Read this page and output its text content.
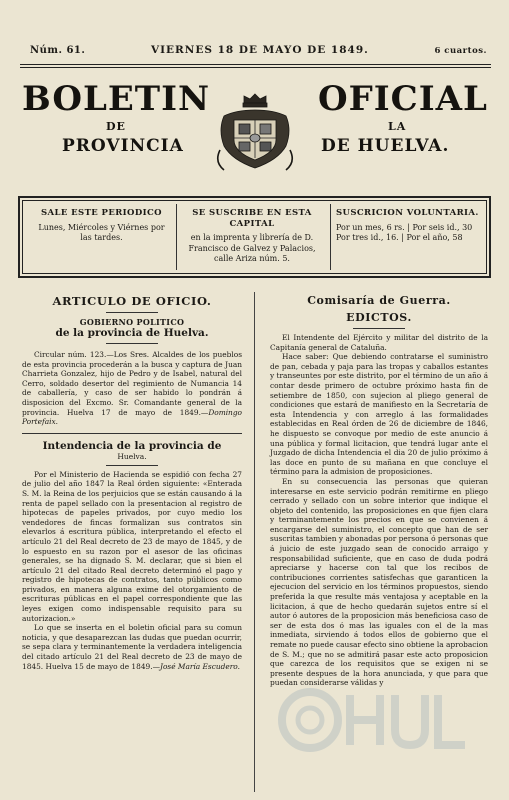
Núm. 61.	VIERNES 18 DE MAYO DE 1849.	6 cuartos.
BOLETIN
DE
PROVINCIA
OFICIAL
LA
DE HUELVA.
SALE ESTE PERIODICO
Lunes, Miércoles y Viérnes por las tardes.
SE SUSCRIBE EN ESTA CAPITAL
en la imprenta y librería de D. Francisco de Galvez y Palacios, calle Ariza núm. 5.
SUSCRICION VOLUNTARIA.
Por un mes, 6 rs. | Por seis id., 30
Por tres id., 16. | Por el año, 58
ARTICULO DE OFICIO.
GOBIERNO POLITICO
de la provincia de Huelva.

Circular núm. 123.—Los Sres. Alcaldes de los pueblos de esta provincia procederán a la busca y captura de Juan Charrieta Gonzalez, hijo de Pedro y de Isabel, natural del Cerro, soldado desertor del regimiento de Numancia 14 de caballería, y caso de ser habido lo pondrán á disposicion del Excmo. Sr. Comandante general de la provincia. Huelva 17 de mayo de 1849.—Domingo Portefaix.

Intendencia de la provincia de
Huelva.

Por el Ministerio de Hacienda se espidió con fecha 27 de julio del año 1847 la Real órden siguiente: «Enterada S. M. la Reina de los perjuicios que se están causando á la renta de papel sellado con la presentacion al registro de hipotecas de papeles privados, por cuyo medio los vendedores de fincas formalizan sus contratos sin elevarlos á escritura pública, interpretando el efecto el artículo 21 del Real decreto de 23 de mayo de 1845, y de lo espuesto en su razon por el asesor de las oficinas generales, se ha dignado S. M. declarar, que si bien el artículo 21 del citado Real decreto determinó el pago y registro de hipotecas de contratos, tanto públicos como privados, en manera alguna exime del otorgamiento de escrituras públicas en el papel correspondiente que las leyes exigen como indispensable requisito para su autorizacion.»

Lo que se inserta en el boletin oficial para su comun noticia, y que desaparezcan las dudas que puedan ocurrir, se sepa clara y terminantemente la verdadera inteligencia del citado artículo 21 del Real decreto de 23 de mayo de 1845. Huelva 15 de mayo de 1849.—José María Escudero.

Comisaría de Guerra.
EDICTOS.

El Intendente del Ejército y militar del distrito de la Capitanía general de Cataluña.

Hace saber: Que debiendo contratarse el suministro de pan, cebada y paja para las tropas y caballos estantes y transeuntes por este distrito, por el término de un año á contar desde primero de octubre próximo hasta fin de setiembre de 1850, con sujecion al pliego general de condiciones que estará de manifiesto en la Secretaría de esta Intendencia y con arreglo á las formalidades establecidas en Real órden de 26 de diciembre de 1846, he dispuesto se convoque por medio de este anuncio á una pública y formal licitacion, que tendrá lugar ante el Juzgado de dicha Intendencia el dia 20 de julio próximo á las doce en punto de su mañana en que concluye el término para la admision de proposiciones.

En su consecuencia las personas que quieran interesarse en este servicio podrán remitirme en pliego cerrado y sellado con un sobre interior que indique el objeto del contenido, las proposiciones en que fijen clara y terminantemente los precios en que se convienen á encargarse del suministro, el concepto que han de ser suscritas tambien y abonadas por persona ó personas que á juicio de este juzgado sean de conocido arraigo y responsabilidad suficiente, que en caso de duda podrá apreciarse y hacerse con tal que los recibos de contribuciones corrientes satisfechas que garanticen la ejecucion del servicio en los términos propuestos, siendo preferida la que resulte más ventajosa y aceptable en la licitacion, á que de hecho quedarán sujetos entre sí el autor ó autores de la proposicion más beneficiosa caso de ser de esta dos ó mas las iguales con el de la mas inmediata, sirviendo á todos ellos de gobierno que el remate no puede causar efecto sino obtiene la aprobacion de S. M.; que no se admitirá pasar este acto proposicion que carezca de los requisitos que se exigen ni se presente despues de la hora anunciada, y que para que puedan considerarse válidas y
